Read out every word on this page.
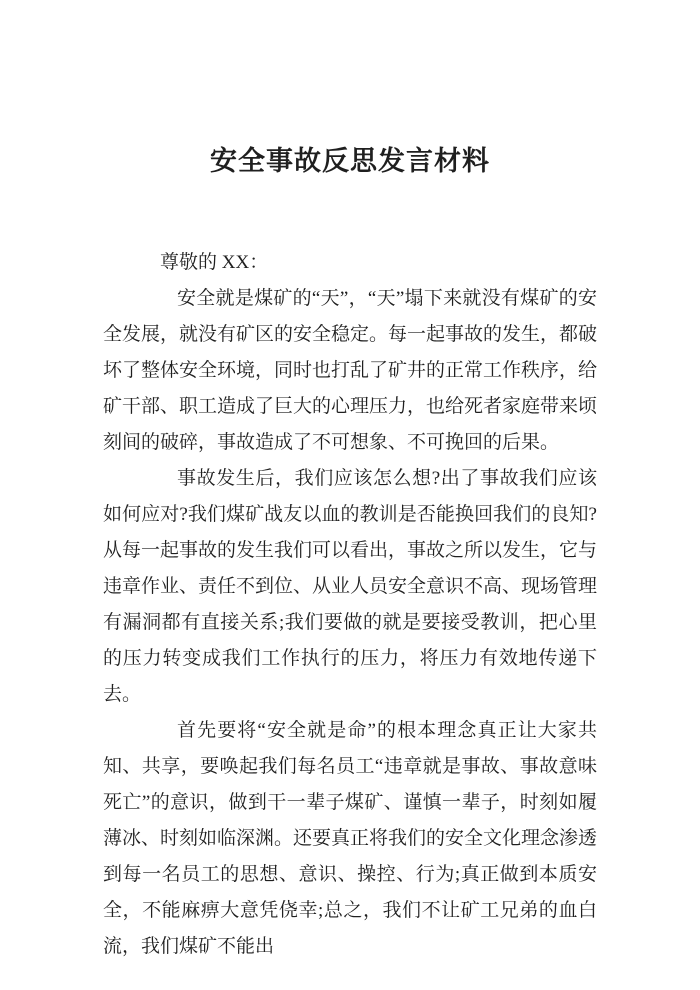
安全事故反思发言材料

尊敬的 XX：

安全就是煤矿的“天”，“天”塌下来就没有煤矿的安全发展，就没有矿区的安全稳定。每一起事故的发生，都破坏了整体安全环境，同时也打乱了矿井的正常工作秩序，给矿干部、职工造成了巨大的心理压力，也给死者家庭带来顷刻间的破碎，事故造成了不可想象、不可挽回的后果。

事故发生后，我们应该怎么想?出了事故我们应该如何应对?我们煤矿战友以血的教训是否能换回我们的良知?从每一起事故的发生我们可以看出，事故之所以发生，它与违章作业、责任不到位、从业人员安全意识不高、现场管理有漏洞都有直接关系;我们要做的就是要接受教训，把心里的压力转变成我们工作执行的压力，将压力有效地传递下去。

首先要将“安全就是命”的根本理念真正让大家共知、共享，要唤起我们每名员工“违章就是事故、事故意味死亡”的意识，做到干一辈子煤矿、谨慎一辈子，时刻如履薄冰、时刻如临深渊。还要真正将我们的安全文化理念渗透到每一名员工的思想、意识、操控、行为;真正做到本质安全，不能麻痹大意凭侥幸;总之，我们不让矿工兄弟的血白流，我们煤矿不能出
